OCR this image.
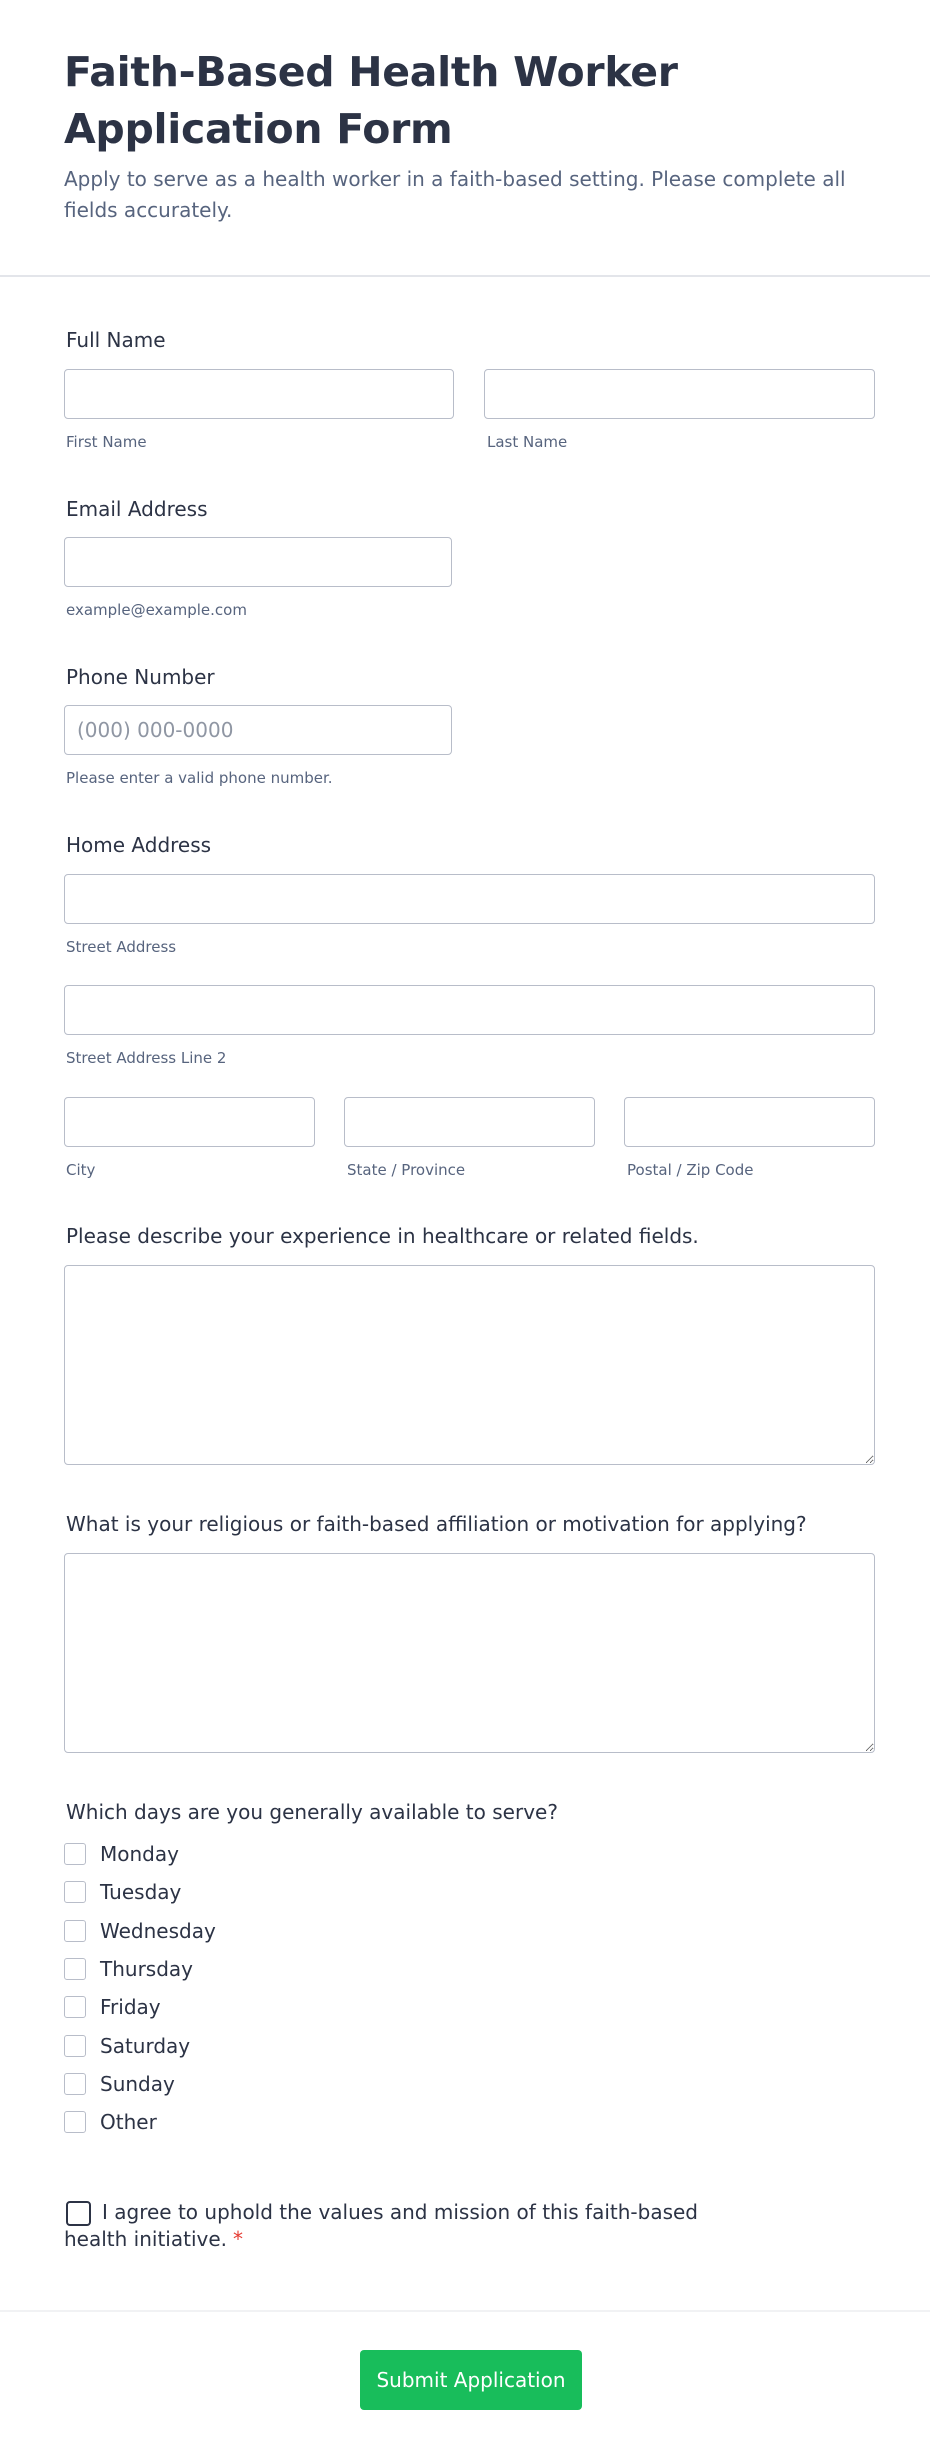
Faith-Based Health Worker Application Form

Apply to serve as a health worker in a faith-based setting. Please complete all fields accurately.

Full Name
First Name	Last Name
Email Address
example@example.com
Phone Number
(000) 000-0000
Please enter a valid phone number.
Home Address
Street Address
Street Address Line 2
City	State / Province	Postal / Zip Code
Please describe your experience in healthcare or related fields.
What is your religious or faith-based affiliation or motivation for applying?
Which days are you generally available to serve?
Monday
Tuesday
Wednesday
Thursday
Friday
Saturday
Sunday
Other

I agree to uphold the values and mission of this faith-based health initiative. *

Submit Application
